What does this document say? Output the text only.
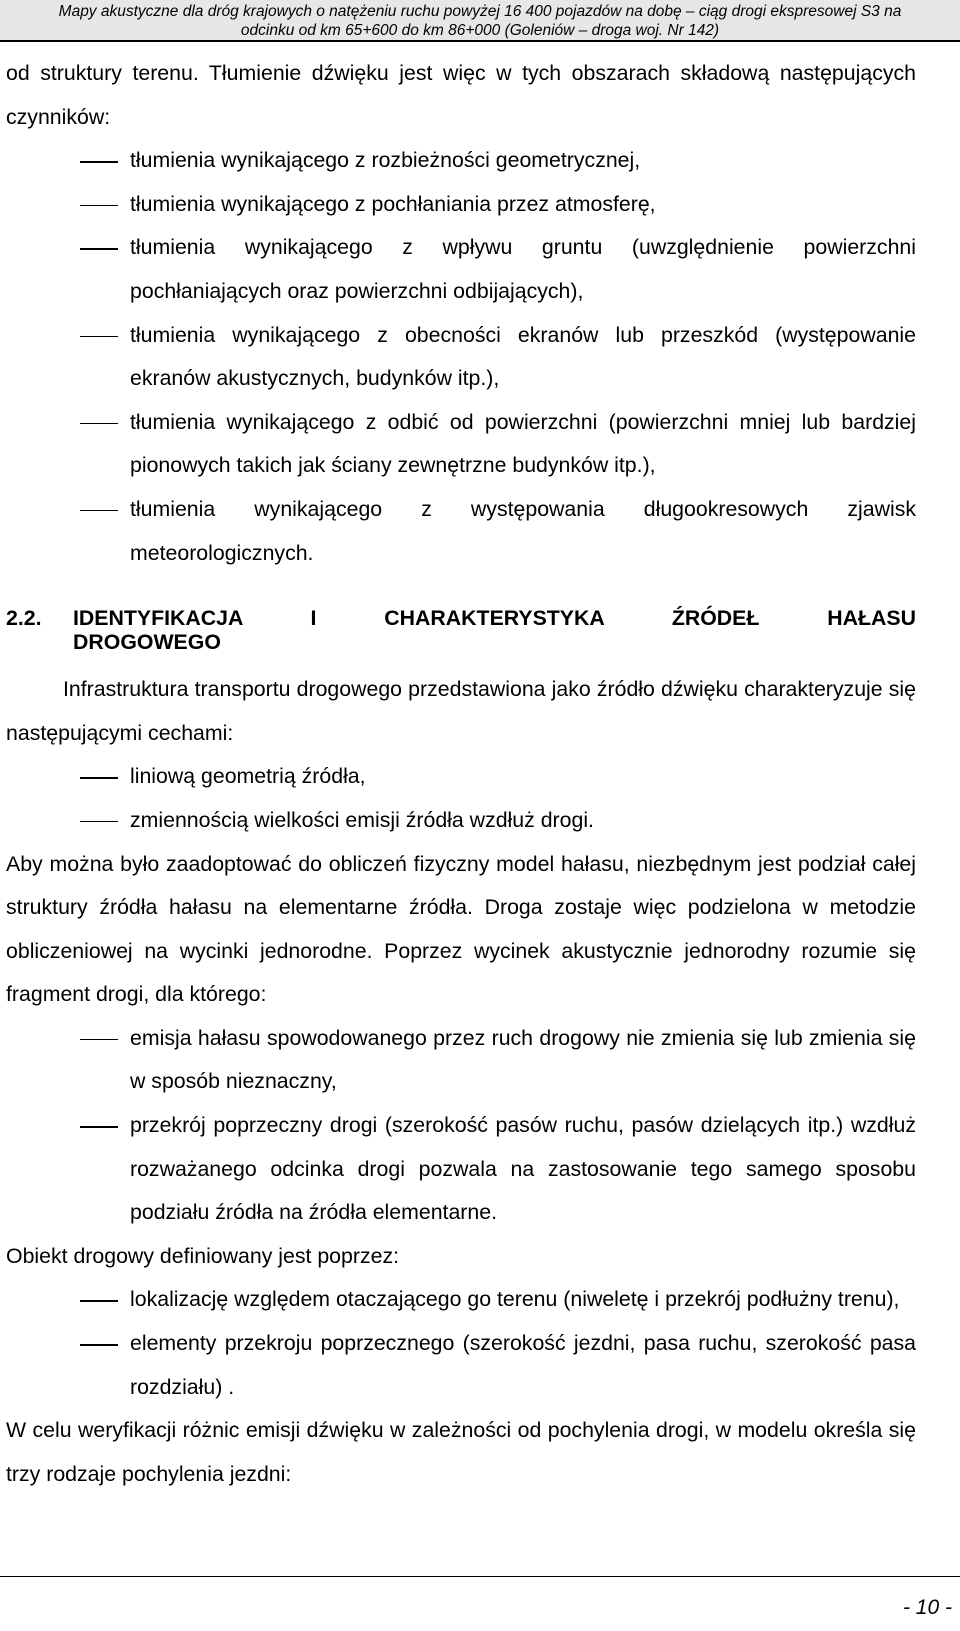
Mapy akustyczne dla dróg krajowych o natężeniu ruchu powyżej 16 400 pojazdów na dobę – ciąg drogi ekspresowej S3 na
odcinku od km 65+600 do km 86+000 (Goleniów – droga woj. Nr 142)

od struktury terenu. Tłumienie dźwięku jest więc w tych obszarach składową następujących czynników:

tłumienia wynikającego z rozbieżności geometrycznej,

tłumienia wynikającego z pochłaniania przez atmosferę,

tłumienia wynikającego z wpływu gruntu (uwzględnienie powierzchni pochłaniających oraz powierzchni odbijających),

tłumienia wynikającego z obecności ekranów lub przeszkód (występowanie ekranów akustycznych, budynków itp.),

tłumienia wynikającego z odbić od powierzchni (powierzchni mniej lub bardziej pionowych takich jak ściany zewnętrzne budynków itp.),

tłumienia wynikającego z występowania długookresowych zjawisk meteorologicznych.

2.2. IDENTYFIKACJA I CHARAKTERYSTYKA ŹRÓDEŁ HAŁASU
DROGOWEGO

Infrastruktura transportu drogowego przedstawiona jako źródło dźwięku charakteryzuje się następującymi cechami:

liniową geometrią źródła,

zmiennością wielkości emisji źródła wzdłuż drogi.

Aby można było zaadoptować do obliczeń fizyczny model hałasu, niezbędnym jest podział całej struktury źródła hałasu na elementarne źródła. Droga zostaje więc podzielona w metodzie obliczeniowej na wycinki jednorodne. Poprzez wycinek akustycznie jednorodny rozumie się fragment drogi, dla którego:

emisja hałasu spowodowanego przez ruch drogowy nie zmienia się lub zmienia się w sposób nieznaczny,

przekrój poprzeczny drogi (szerokość pasów ruchu, pasów dzielących itp.) wzdłuż rozważanego odcinka drogi pozwala na zastosowanie tego samego sposobu podziału źródła na źródła elementarne.

Obiekt drogowy definiowany jest poprzez:

lokalizację względem otaczającego go terenu (niweletę i przekrój podłużny trenu),

elementy przekroju poprzecznego (szerokość jezdni, pasa ruchu, szerokość pasa rozdziału) .

W celu weryfikacji różnic emisji dźwięku w zależności od pochylenia drogi, w modelu określa się trzy rodzaje pochylenia jezdni:

- 10 -
